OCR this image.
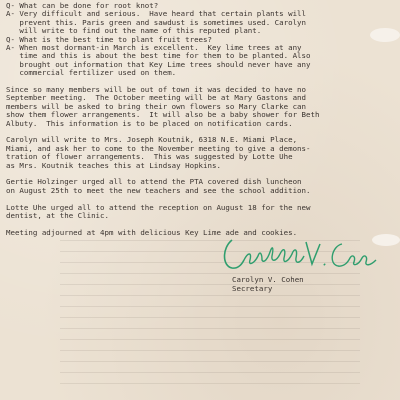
Q- What can be done for root knot?
A- Very difficult and serious.  Have heard that certain plants will
prevent this. Paris green and sawdust is sometimes used. Carolyn
will write to find out the name of this reputed plant.
Q- What is the best time to plant fruit trees?
A- When most dormant-in March is excellent.  Key lime trees at any
time and this is about the best time for them to be planted. Also
brought out information that Key Lime trees should never have any
commercial fertilizer used on them.
Since so many members will be out of town it was decided to have no
September meeting.  The October meeting will be at Mary Gastons and
members will be asked to bring their own flowers so Mary Clarke can
show them flower arrangements.  It will also be a baby shower for Beth
Albuty.  This information is to be placed on notification cards.
Carolyn will write to Mrs. Joseph Koutnik, 6318 N.E. Miami Place,
Miami, and ask her to come to the November meeting to give a demons-
tration of flower arrangements.  This was suggested by Lotte Uhe
as Mrs. Koutnik teaches this at Lindsay Hopkins.
Gertie Holzinger urged all to attend the PTA covered dish luncheon
on August 25th to meet the new teachers and see the school addition.
Lotte Uhe urged all to attend the reception on August 18 for the new
dentist, at the Clinic.
Meeting adjourned at 4pm with delicious Key Lime ade and cookies.
Carolyn V. Cohen
Secretary
